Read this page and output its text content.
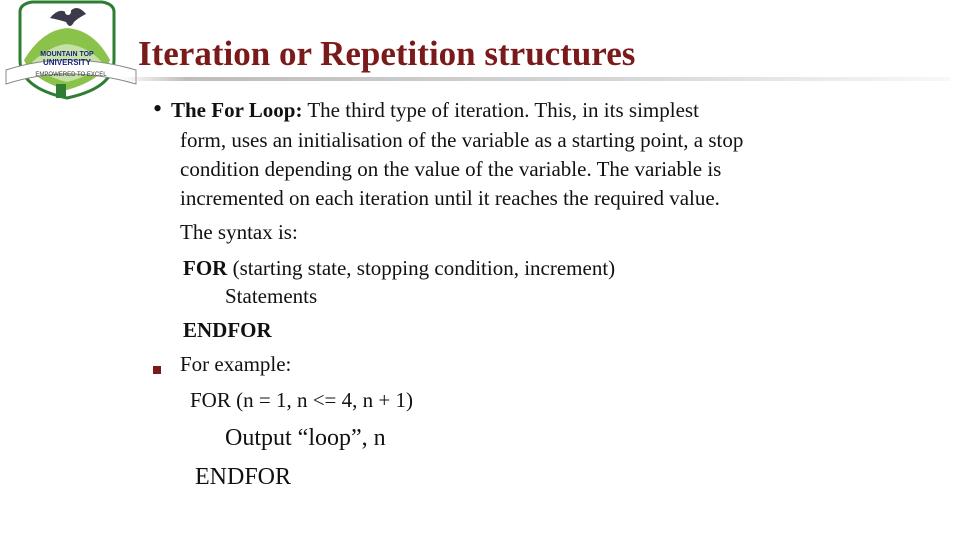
MOUNTAIN TOP
UNIVERSITY
EMPOWERED TO EXCEL
Iteration or Repetition structures
• The For Loop: The third type of iteration. This, in its simplest

form, uses an initialisation of the variable as a starting point, a stop

condition depending on the value of the variable. The variable is

incremented on each iteration until it reaches the required value.

The syntax is:

FOR (starting state, stopping condition, increment)

Statements

ENDFOR

For example:

FOR (n = 1, n <= 4, n + 1)

Output “loop”, n

ENDFOR
